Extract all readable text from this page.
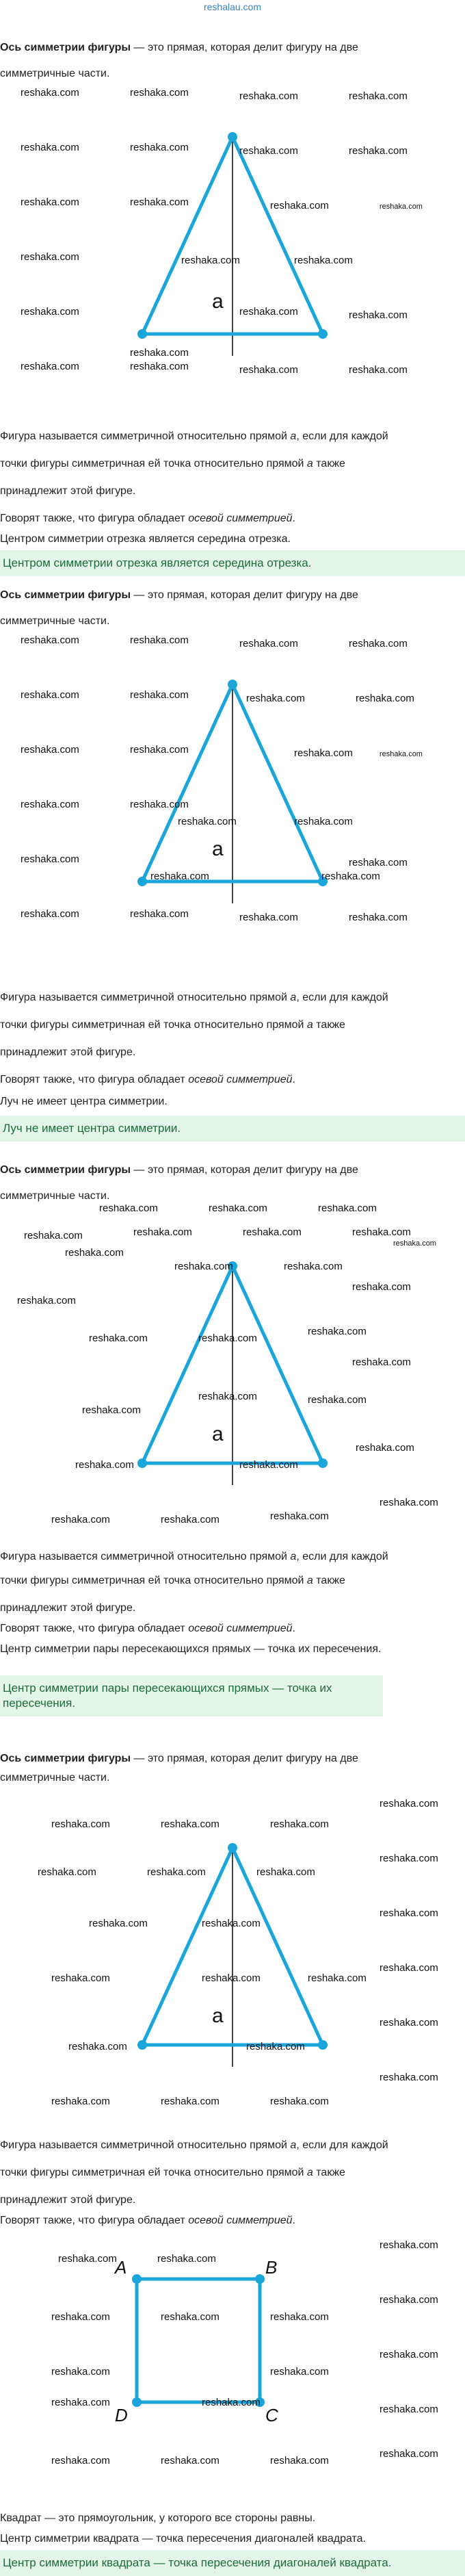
reshalau.com
Ось симметрии фигуры — это прямая, которая делит фигуру на две
симметричные части.
a
reshaka.com	reshaka.com	reshaka.com	reshaka.com
reshaka.com	reshaka.com	reshaka.com	reshaka.com
reshaka.com	reshaka.com	reshaka.com	reshaka.com
reshaka.com	reshaka.com	reshaka.com
reshaka.com	reshaka.com
reshaka.com	reshaka.com	reshaka.com	reshaka.com
reshaka.com
reshaka.com
Фигура называется симметричной относительно прямой a, если для каждой
точки фигуры симметричная ей точка относительно прямой a также
принадлежит этой фигуре.
Говорят также, что фигура обладает осевой симметрией.
Центром симметрии отрезка является середина отрезка.
Центром симметрии отрезка является середина отрезка.
Ось симметрии фигуры — это прямая, которая делит фигуру на две
симметричные части.
a
reshaka.com	reshaka.com	reshaka.com	reshaka.com
reshaka.com	reshaka.com	reshaka.com	reshaka.com
reshaka.com	reshaka.com	reshaka.com	reshaka.com
reshaka.com	reshaka.com
reshaka.com	reshaka.com
reshaka.com
reshaka.com	reshaka.com
reshaka.com
reshaka.com	reshaka.com	reshaka.com	reshaka.com
Фигура называется симметричной относительно прямой a, если для каждой
точки фигуры симметричная ей точка относительно прямой a также
принадлежит этой фигуре.
Говорят также, что фигура обладает осевой симметрией.
Луч не имеет центра симметрии.
Луч не имеет центра симметрии.
Ось симметрии фигуры — это прямая, которая делит фигуру на две
симметричные части.
a
reshaka.com	reshaka.com	reshaka.com
reshaka.com	reshaka.com	reshaka.com	reshaka.com
reshaka.com
reshaka.com
reshaka.com	reshaka.com
reshaka.com
reshaka.com
reshaka.com
reshaka.com	reshaka.com
reshaka.com
reshaka.com
reshaka.com
reshaka.com
reshaka.com	reshaka.com
reshaka.com
reshaka.com	reshaka.com	reshaka.com
reshaka.com
Фигура называется симметричной относительно прямой a, если для каждой
точки фигуры симметричная ей точка относительно прямой a также
принадлежит этой фигуре.
Говорят также, что фигура обладает осевой симметрией.
Центр симметрии пары пересекающихся прямых — точка их пересечения.
Центр симметрии пары пересекающихся прямых — точка их пересечения.
Ось симметрии фигуры — это прямая, которая делит фигуру на две
симметричные части.
a
reshaka.com	reshaka.com	reshaka.com
reshaka.com
reshaka.com
reshaka.com	reshaka.com	reshaka.com
reshaka.com
reshaka.com	reshaka.com
reshaka.com
reshaka.com	reshaka.com	reshaka.com
reshaka.com	reshaka.com
reshaka.com
reshaka.com	reshaka.com	reshaka.com
reshaka.com
Фигура называется симметричной относительно прямой a, если для каждой
точки фигуры симметричная ей точка относительно прямой a также
принадлежит этой фигуре.
Говорят также, что фигура обладает осевой симметрией.
A	B
C
D
reshaka.com	reshaka.com
reshaka.com
reshaka.com
reshaka.com	reshaka.com	reshaka.com
reshaka.com
reshaka.com	reshaka.com
reshaka.com	reshaka.com
reshaka.com
reshaka.com	reshaka.com	reshaka.com
reshaka.com
Квадрат — это прямоугольник, у которого все стороны равны.
Центр симметрии квадрата — точка пересечения диагоналей квадрата.
Центр симметрии квадрата — точка пересечения диагоналей квадрата.
